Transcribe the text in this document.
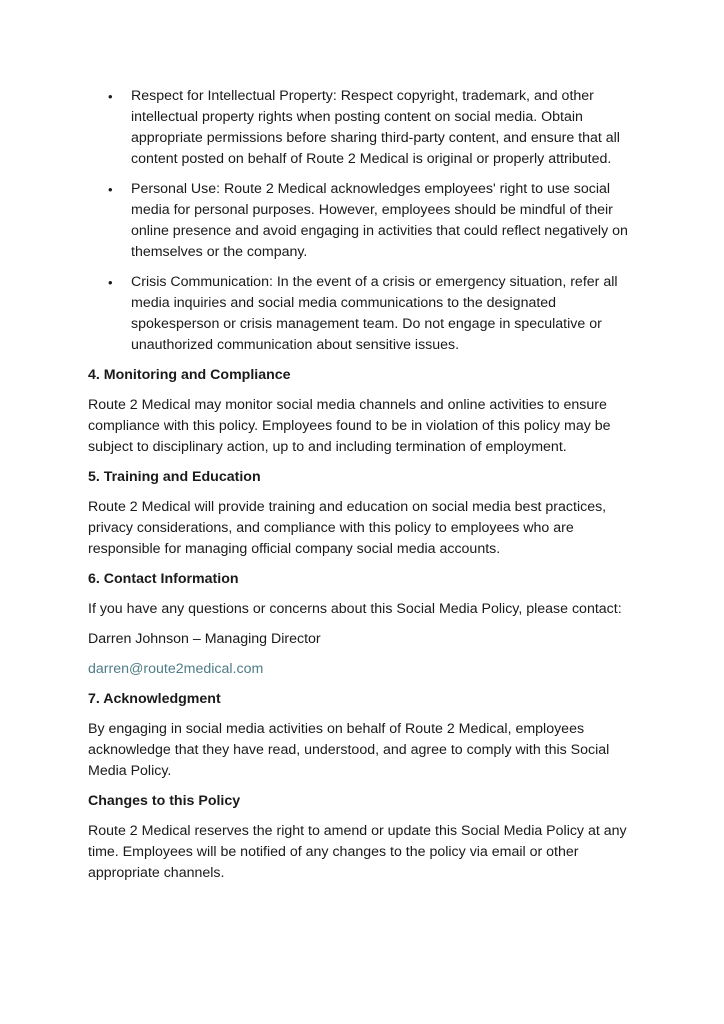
• Respect for Intellectual Property: Respect copyright, trademark, and other intellectual property rights when posting content on social media. Obtain appropriate permissions before sharing third-party content, and ensure that all content posted on behalf of Route 2 Medical is original or properly attributed.
• Personal Use: Route 2 Medical acknowledges employees' right to use social media for personal purposes. However, employees should be mindful of their online presence and avoid engaging in activities that could reflect negatively on themselves or the company.
• Crisis Communication: In the event of a crisis or emergency situation, refer all media inquiries and social media communications to the designated spokesperson or crisis management team. Do not engage in speculative or unauthorized communication about sensitive issues.
4. Monitoring and Compliance

Route 2 Medical may monitor social media channels and online activities to ensure compliance with this policy. Employees found to be in violation of this policy may be subject to disciplinary action, up to and including termination of employment.

5. Training and Education

Route 2 Medical will provide training and education on social media best practices, privacy considerations, and compliance with this policy to employees who are responsible for managing official company social media accounts.

6. Contact Information

If you have any questions or concerns about this Social Media Policy, please contact:

Darren Johnson – Managing Director

darren@route2medical.com

7. Acknowledgment

By engaging in social media activities on behalf of Route 2 Medical, employees acknowledge that they have read, understood, and agree to comply with this Social Media Policy.

Changes to this Policy

Route 2 Medical reserves the right to amend or update this Social Media Policy at any time. Employees will be notified of any changes to the policy via email or other appropriate channels.
